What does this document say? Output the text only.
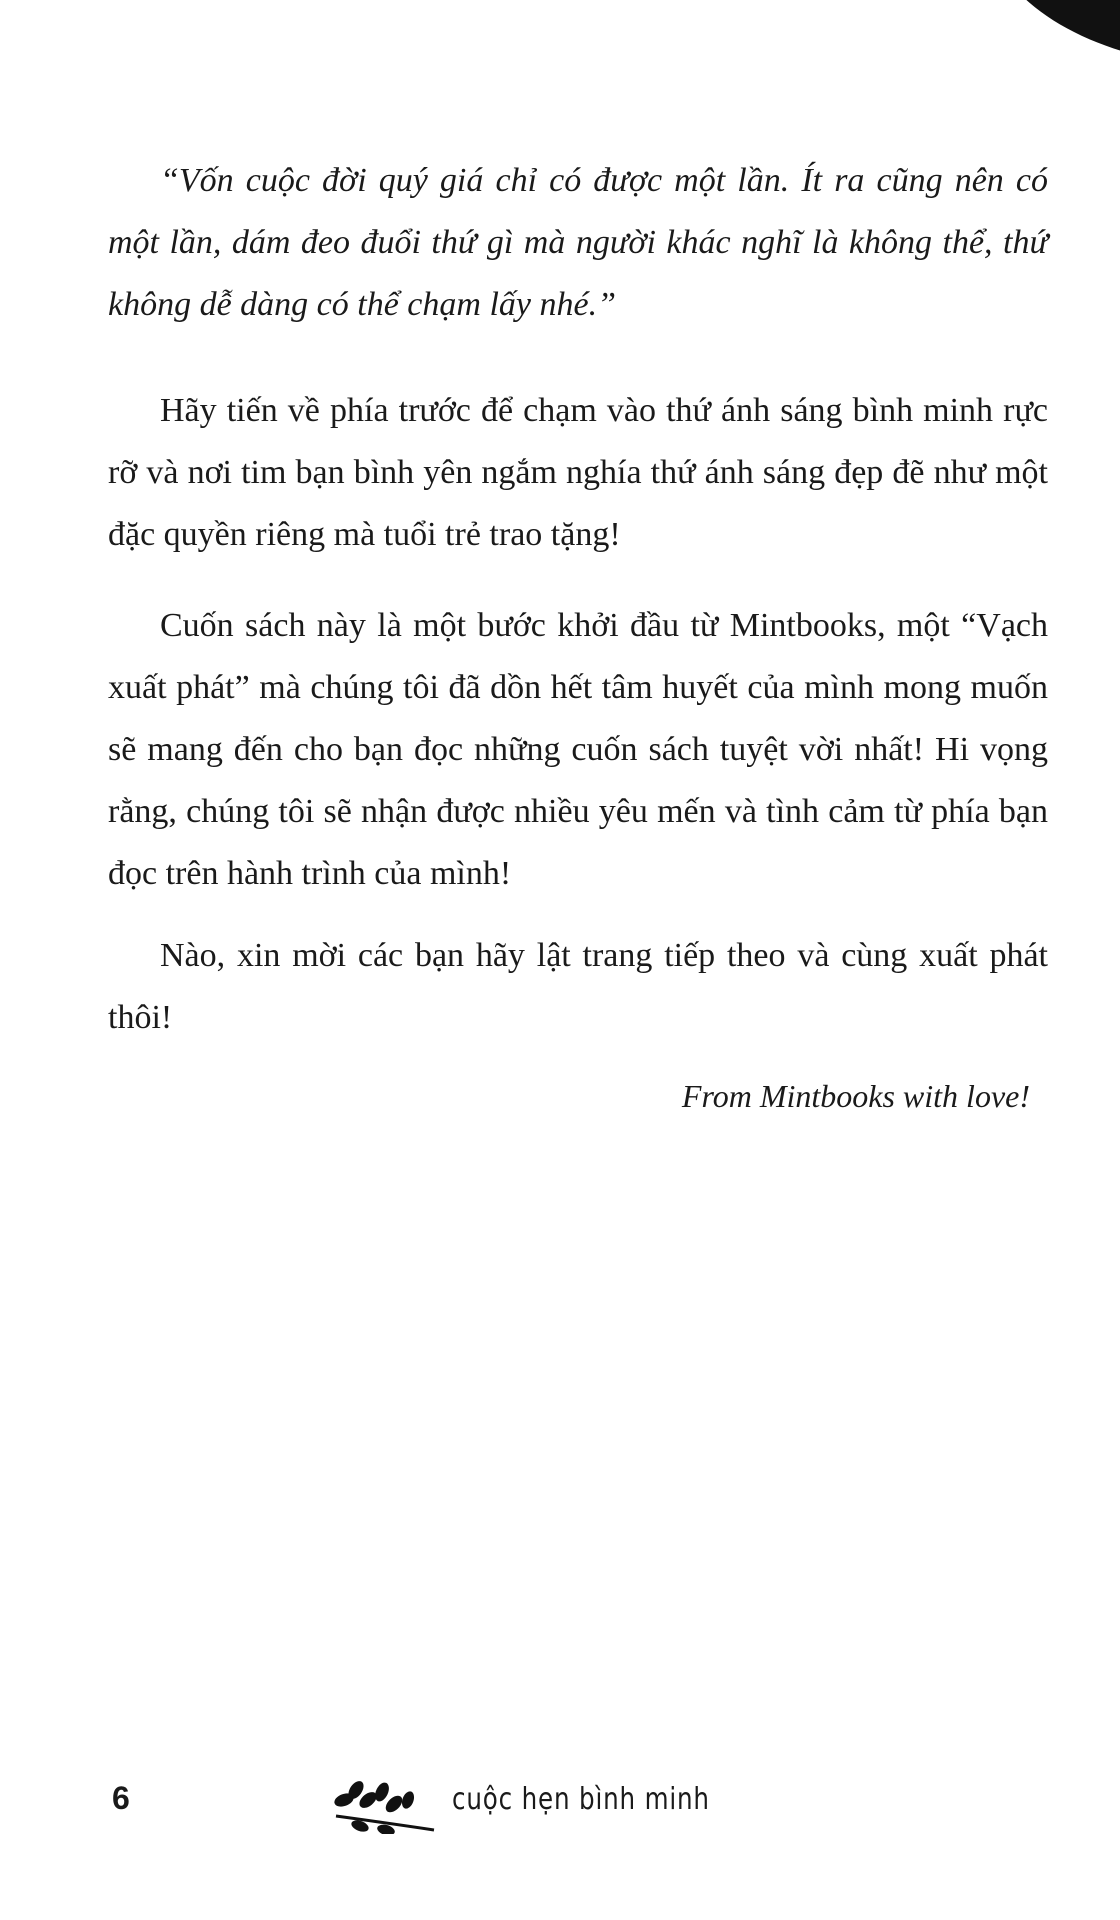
“Vốn cuộc đời quý giá chỉ có được một lần. Ít ra cũng nên có một lần, dám đeo đuổi thứ gì mà người khác nghĩ là không thể, thứ không dễ dàng có thể chạm lấy nhé.”
Hãy tiến về phía trước để chạm vào thứ ánh sáng bình minh rực rỡ và nơi tim bạn bình yên ngắm nghía thứ ánh sáng đẹp đẽ như một đặc quyền riêng mà tuổi trẻ trao tặng!
Cuốn sách này là một bước khởi đầu từ Mintbooks, một “Vạch xuất phát” mà chúng tôi đã dồn hết tâm huyết của mình mong muốn sẽ mang đến cho bạn đọc những cuốn sách tuyệt vời nhất! Hi vọng rằng, chúng tôi sẽ nhận được nhiều yêu mến và tình cảm từ phía bạn đọc trên hành trình của mình!
Nào, xin mời các bạn hãy lật trang tiếp theo và cùng xuất phát thôi!
From Mintbooks with love!
6	cuộc hẹn bình minh
